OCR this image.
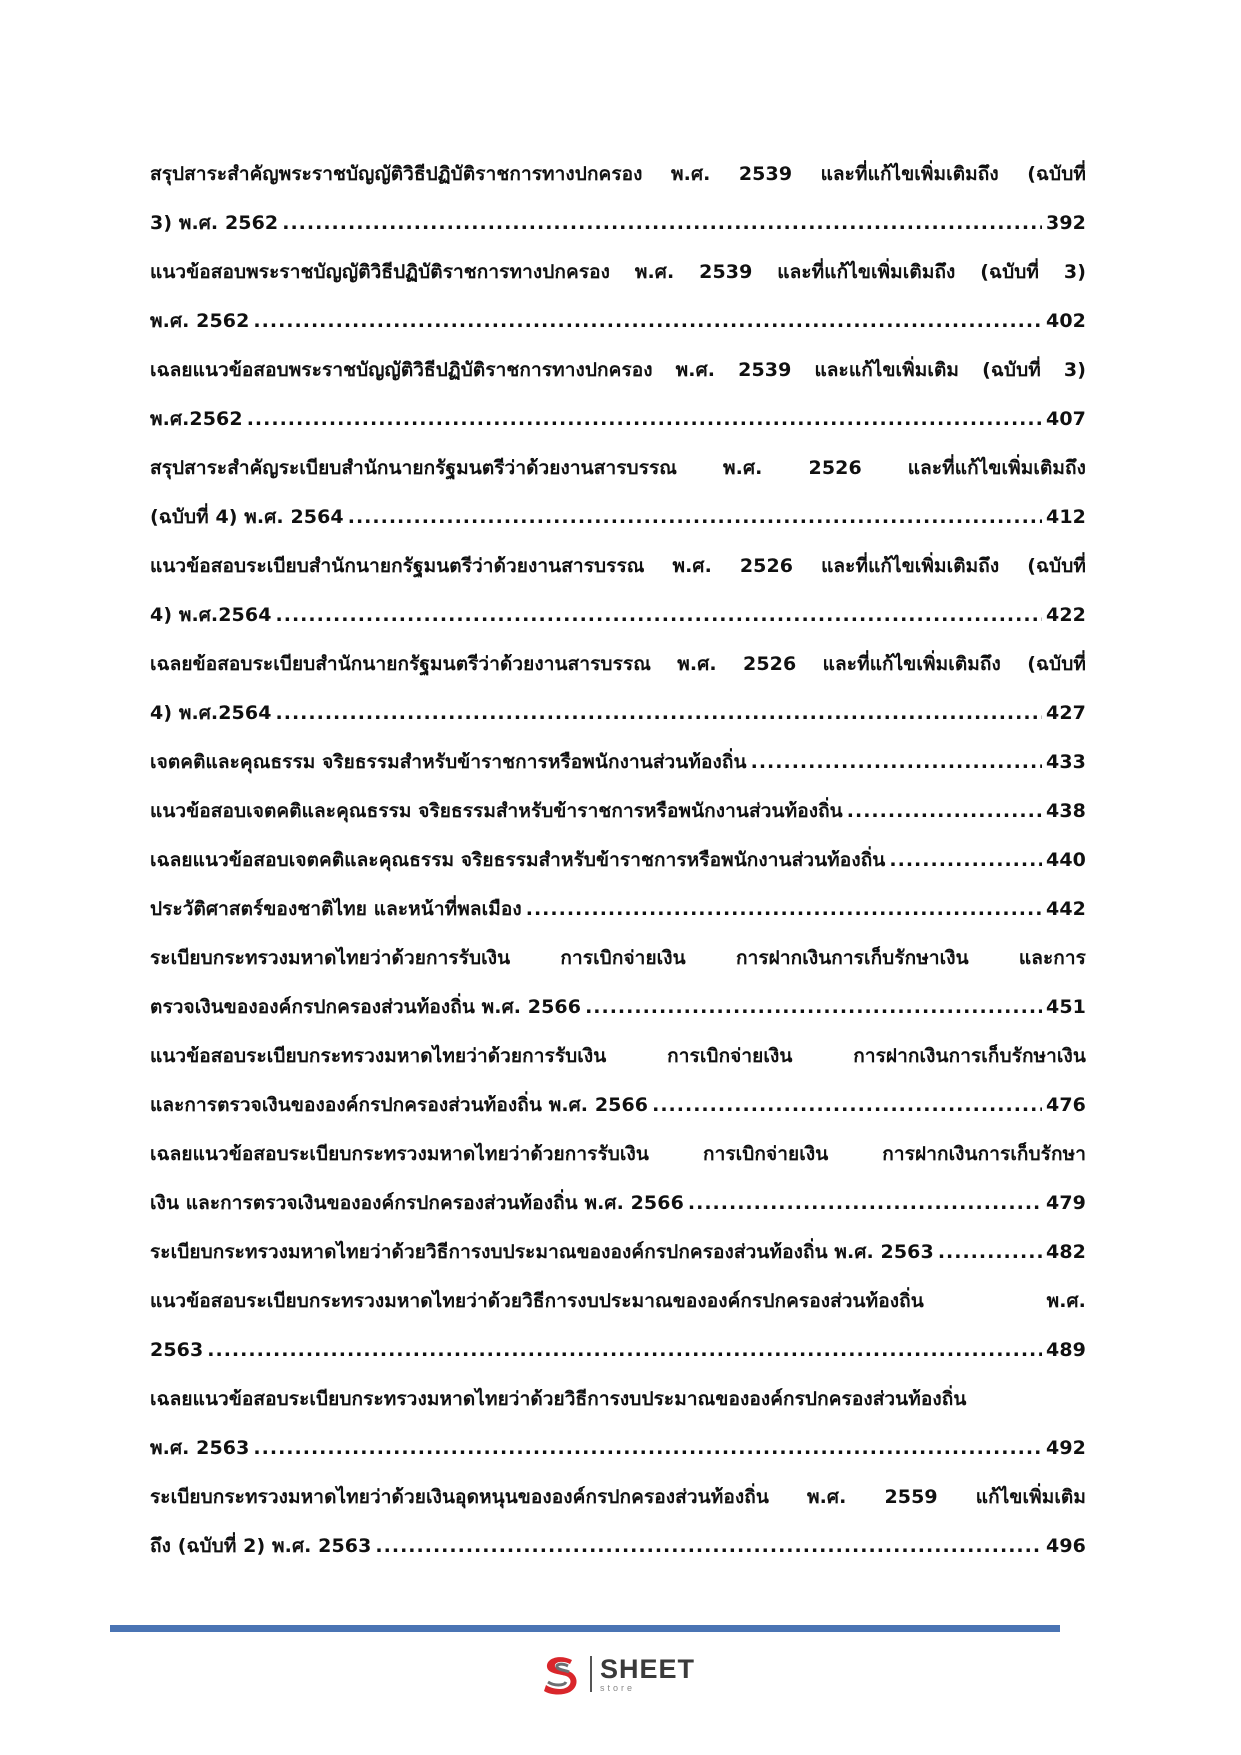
สรุปสาระสำคัญพระราชบัญญัติวิธีปฏิบัติราชการทางปกครอง พ.ศ. 2539 และที่แก้ไขเพิ่มเติมถึง (ฉบับที่
3) พ.ศ. 2562 .....	392
แนวข้อสอบพระราชบัญญัติวิธีปฏิบัติราชการทางปกครอง พ.ศ. 2539 และที่แก้ไขเพิ่มเติมถึง (ฉบับที่ 3)
พ.ศ. 2562 .....	402
เฉลยแนวข้อสอบพระราชบัญญัติวิธีปฏิบัติราชการทางปกครอง พ.ศ. 2539 และแก้ไขเพิ่มเติม (ฉบับที่ 3)
พ.ศ.2562 .....	407
สรุปสาระสำคัญระเบียบสำนักนายกรัฐมนตรีว่าด้วยงานสารบรรณ พ.ศ. 2526 และที่แก้ไขเพิ่มเติมถึง
(ฉบับที่ 4) พ.ศ. 2564 .....	412
แนวข้อสอบระเบียบสำนักนายกรัฐมนตรีว่าด้วยงานสารบรรณ พ.ศ. 2526 และที่แก้ไขเพิ่มเติมถึง (ฉบับที่
4) พ.ศ.2564 .....	422
เฉลยข้อสอบระเบียบสำนักนายกรัฐมนตรีว่าด้วยงานสารบรรณ พ.ศ. 2526 และที่แก้ไขเพิ่มเติมถึง (ฉบับที่
4) พ.ศ.2564 .....	427
เจตคติและคุณธรรม จริยธรรมสำหรับข้าราชการหรือพนักงานส่วนท้องถิ่น .....	433
แนวข้อสอบเจตคติและคุณธรรม จริยธรรมสำหรับข้าราชการหรือพนักงานส่วนท้องถิ่น .....	438
เฉลยแนวข้อสอบเจตคติและคุณธรรม จริยธรรมสำหรับข้าราชการหรือพนักงานส่วนท้องถิ่น .....	440
ประวัติศาสตร์ของชาติไทย และหน้าที่พลเมือง .....	442
ระเบียบกระทรวงมหาดไทยว่าด้วยการรับเงิน การเบิกจ่ายเงิน การฝากเงินการเก็บรักษาเงิน และการ
ตรวจเงินขององค์กรปกครองส่วนท้องถิ่น พ.ศ. 2566 .....	451
แนวข้อสอบระเบียบกระทรวงมหาดไทยว่าด้วยการรับเงิน การเบิกจ่ายเงิน การฝากเงินการเก็บรักษาเงิน
และการตรวจเงินขององค์กรปกครองส่วนท้องถิ่น พ.ศ. 2566 .....	476
เฉลยแนวข้อสอบระเบียบกระทรวงมหาดไทยว่าด้วยการรับเงิน การเบิกจ่ายเงิน การฝากเงินการเก็บรักษา
เงิน และการตรวจเงินขององค์กรปกครองส่วนท้องถิ่น พ.ศ. 2566 .....	479
ระเบียบกระทรวงมหาดไทยว่าด้วยวิธีการงบประมาณขององค์กรปกครองส่วนท้องถิ่น พ.ศ. 2563 .....	482
แนวข้อสอบระเบียบกระทรวงมหาดไทยว่าด้วยวิธีการงบประมาณขององค์กรปกครองส่วนท้องถิ่น พ.ศ.
2563 .....	489
เฉลยแนวข้อสอบระเบียบกระทรวงมหาดไทยว่าด้วยวิธีการงบประมาณขององค์กรปกครองส่วนท้องถิ่น
พ.ศ. 2563 .....	492
ระเบียบกระทรวงมหาดไทยว่าด้วยเงินอุดหนุนขององค์กรปกครองส่วนท้องถิ่น พ.ศ. 2559 แก้ไขเพิ่มเติม
ถึง (ฉบับที่ 2) พ.ศ. 2563 .....	496
SHEET
store
